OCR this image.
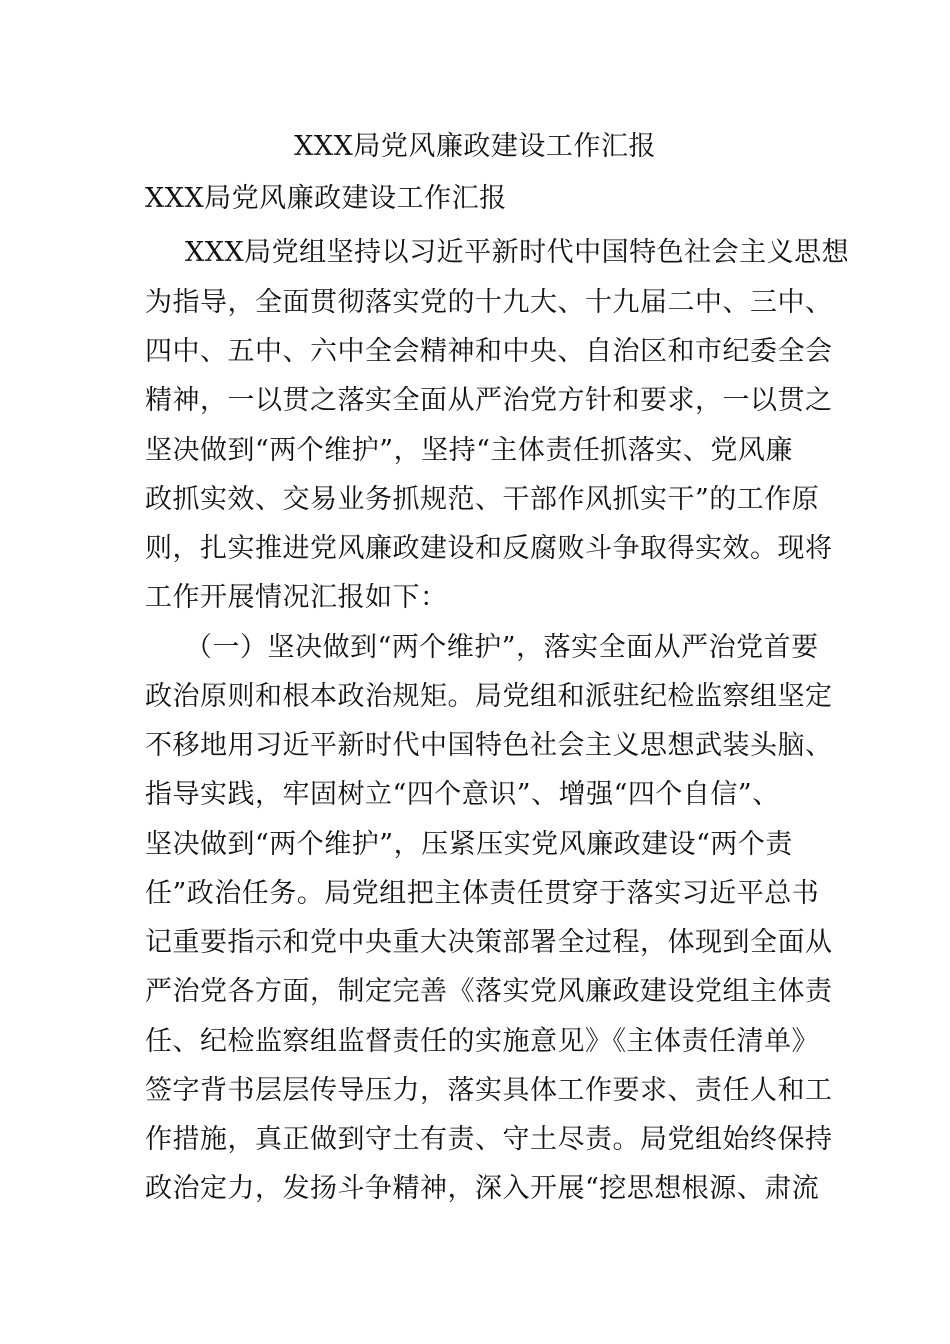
XXX局党风廉政建设工作汇报
XXX局党风廉政建设工作汇报
XXX局党组坚持以习近平新时代中国特色社会主义思想
为指导，全面贯彻落实党的十九大、十九届二中、三中、
四中、五中、六中全会精神和中央、自治区和市纪委全会
精神，一以贯之落实全面从严治党方针和要求，一以贯之
坚决做到“两个维护”，坚持“主体责任抓落实、党风廉
政抓实效、交易业务抓规范、干部作风抓实干”的工作原
则，扎实推进党风廉政建设和反腐败斗争取得实效。现将
工作开展情况汇报如下：
（一）坚决做到“两个维护”，落实全面从严治党首要
政治原则和根本政治规矩。局党组和派驻纪检监察组坚定
不移地用习近平新时代中国特色社会主义思想武装头脑、
指导实践，牢固树立“四个意识”、增强“四个自信”、
坚决做到“两个维护”，压紧压实党风廉政建设“两个责
任”政治任务。局党组把主体责任贯穿于落实习近平总书
记重要指示和党中央重大决策部署全过程，体现到全面从
严治党各方面，制定完善《落实党风廉政建设党组主体责
任、纪检监察组监督责任的实施意见》《主体责任清单》
签字背书层层传导压力，落实具体工作要求、责任人和工
作措施，真正做到守土有责、守土尽责。局党组始终保持
政治定力，发扬斗争精神，深入开展“挖思想根源、肃流
